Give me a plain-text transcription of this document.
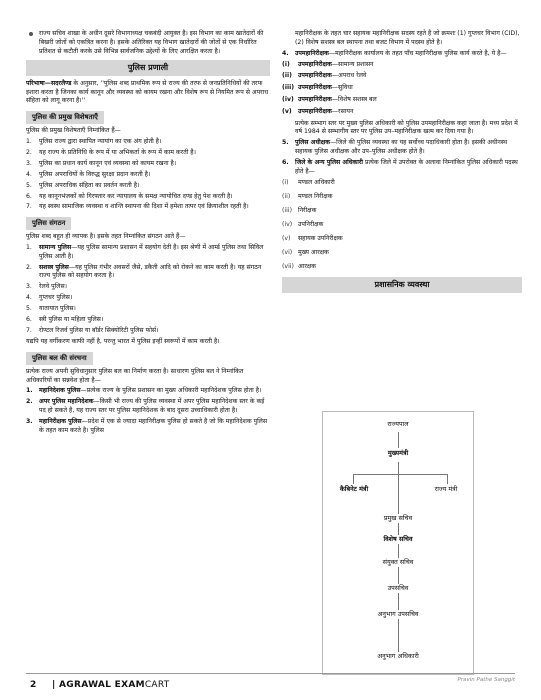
राज्य सचिव शाखा के अधीन दूसरे विभागाध्यक्ष चकबंदी आयुक्त है। इस विभाग का काम खातेदारों की बिखरी जोतों को एकत्रित करना है। इसके अतिरिक्त यह विभाग खातेदारों की जोतों से एक निर्धारित प्रतिशत से कटौती करके उसे विभिन्न सार्वजनिक उद्देश्यों के लिए आरक्षित करता है।
पुलिस प्रणाली

परिभाषा—सदरलैण्ड के अनुसार, ''पुलिस शब्द प्राथमिक रूप से राज्य की तरफ से जनप्रतिनिधियों की तरफ इशारा करता है जिनका कार्य कानून और व्यवस्था को कायम रखना और विशेष रूप से नियमित रूप से अपराध संहिता को लागू करना है।''

पुलिस की प्रमुख विशेषताएँ

पुलिस की प्रमुख विशेषताएँ निम्नांकित हैं—

1. पुलिस राज्य द्वारा स्थापित न्यायांग का एक अंग होती है।
2. यह राज्य के प्रतिनिधि के रूप में या अभिकर्ता के रूप में काम करती है।
3. पुलिस का प्रधान कार्य कानून एवं व्यवस्था को कायम रखना है।
4. पुलिस अपराधियों के विरुद्ध सुरक्षा प्रदान करती है।
5. पुलिस अपराधिक संहिता का प्रवर्तन करती है।
6. यह कानूनभंजकों को गिरफ्तार कर न्यायालय के समक्ष न्यायोचित दण्ड हेतु पेश करती है।
7. यह स्वस्थ सामाजिक व्यवस्था व शान्ति स्थापना की दिशा में हमेशा तत्पर एवं क्रियाशील रहती है।
पुलिस संगठन

पुलिस शब्द बहुत ही व्यापक है। इसके तहत निम्नांकित संगठन आते हैं—

1. सामान्य पुलिस—यह पुलिस सामान्य प्रशासन में सहयोग देती है। इस श्रेणी में आर्म्ड पुलिस तथा सिविल पुलिस आती है।
2. सशस्त्र पुलिस—यह पुलिस गंभीर अवसरों जैसे, डकैती आदि को रोकने का काम करती है। यह संगठन राज्य पुलिस को सहयोग करता है।
3. रेलवे पुलिस।
4. गुप्तचर पुलिस।
5. यातायात पुलिस।
6. स्त्री पुलिस या महिला पुलिस।
7. रोण्टल रिजर्व पुलिस या बॉर्डर सिक्योरिटी पुलिस फोर्स।

यद्यपि यह वर्गीकरण काफी नहीं है, परन्तु भारत में पुलिस इन्हीं स्वरूपों में काम करती है।

पुलिस बल की संरचना

प्रत्येक राज्य अपनी सुविधानुसार पुलिस बल का निर्माण करता है। साधारण पुलिस बल ने निम्नांकित अधिकारियों का सन्नवेश होता है—

1. महानिदेशक पुलिस—प्रत्येक राज्य के पुलिस प्रशासन का मुख्य अधिकारी महानिदेशक पुलिस होता है।
2. अपर पुलिस महानिदेशक—किसी भी राज्य की पुलिस व्यवस्था में अपर पुलिस महानिदेशक स्तर के कई पद हो सकते है, यह राज्य स्तर पर पुलिस महानिदेशक के बाद दूसरा उच्चाधिकारी होता है।
3. महानिरीक्षक पुलिस—प्रदेश में एक से ज्यादा महानिरीक्षक पुलिस हो सकते है जो कि महानिदेशक पुलिस के तहत काम करते है। पुलिस

महानिरीक्षक के तहत चार सहायक महानिरीक्षक सदस्य रहते है जो क्रमशः (1) गुप्तचर विभाग (CID), (2) विशेष सशस्त्र बल स्थापना तथा बजट विभाग में पदस्थ होते है।

4. उपमहानिरीक्षक—महानिरीक्षक कार्यालय के तहत पाँच महानिरीक्षक पुलिस कार्य करते है, ये है—
(i) उपमहानिरीक्षक—सामान्य प्रशासन
(ii) उपमहानिरीक्षक—अपराध रेलवे
(iii) उपमहानिरीक्षक—सुविधा
(iv) उपमहानिरीक्षक—विशेष सशस्त्र बल
(v) उपमहानिरीक्षक—रसायन

प्रत्येक सम्भाग स्तर पर मुख्य पुलिस अधिकारी को पुलिस उपमहानिरीक्षक कहा जाता है। मध्य प्रदेश में वर्ष 1984 से सम्भागीय स्तर पर पुलिस उप–महानिरीक्षक खत्म कर दिया गया है।

5. पुलिस अधीक्षक—जिले की पुलिस व्यवस्था का यह सर्वोच्च पदाधिकारी होता है। इसकी अधीनस्थ सहायक पुलिस अधीक्षक और उप–पुलिस अधीक्षक होते है।
6. जिले के अन्य पुलिस अधिकारी प्रत्येक जिले में उपरोक्त के अलावा निम्नांकित पुलिस अधिकारी पदस्थ होते है—
(i) मण्डल अधिकारी
(ii) मण्डल निरीक्षक
(iii) निरीक्षक
(iv) उपनिरीक्षक
(v) सहायक उपनिरीक्षक
(vi) मुख्य आरक्षक
(vii) आरक्षक
प्रशासनिक व्यवस्था
राज्यपाल
मुख्यमंत्री
कैबिनेट मंत्री	राज्य मंत्री
प्रमुख सचिव
विशेष सचिव
संयुक्त सचिव
उपसचिव
अनुभाग उपसचिव
अनुभाग अधिकारी
2 | AGRAWAL EXAMCART	Pravin Pathe Sanggit
